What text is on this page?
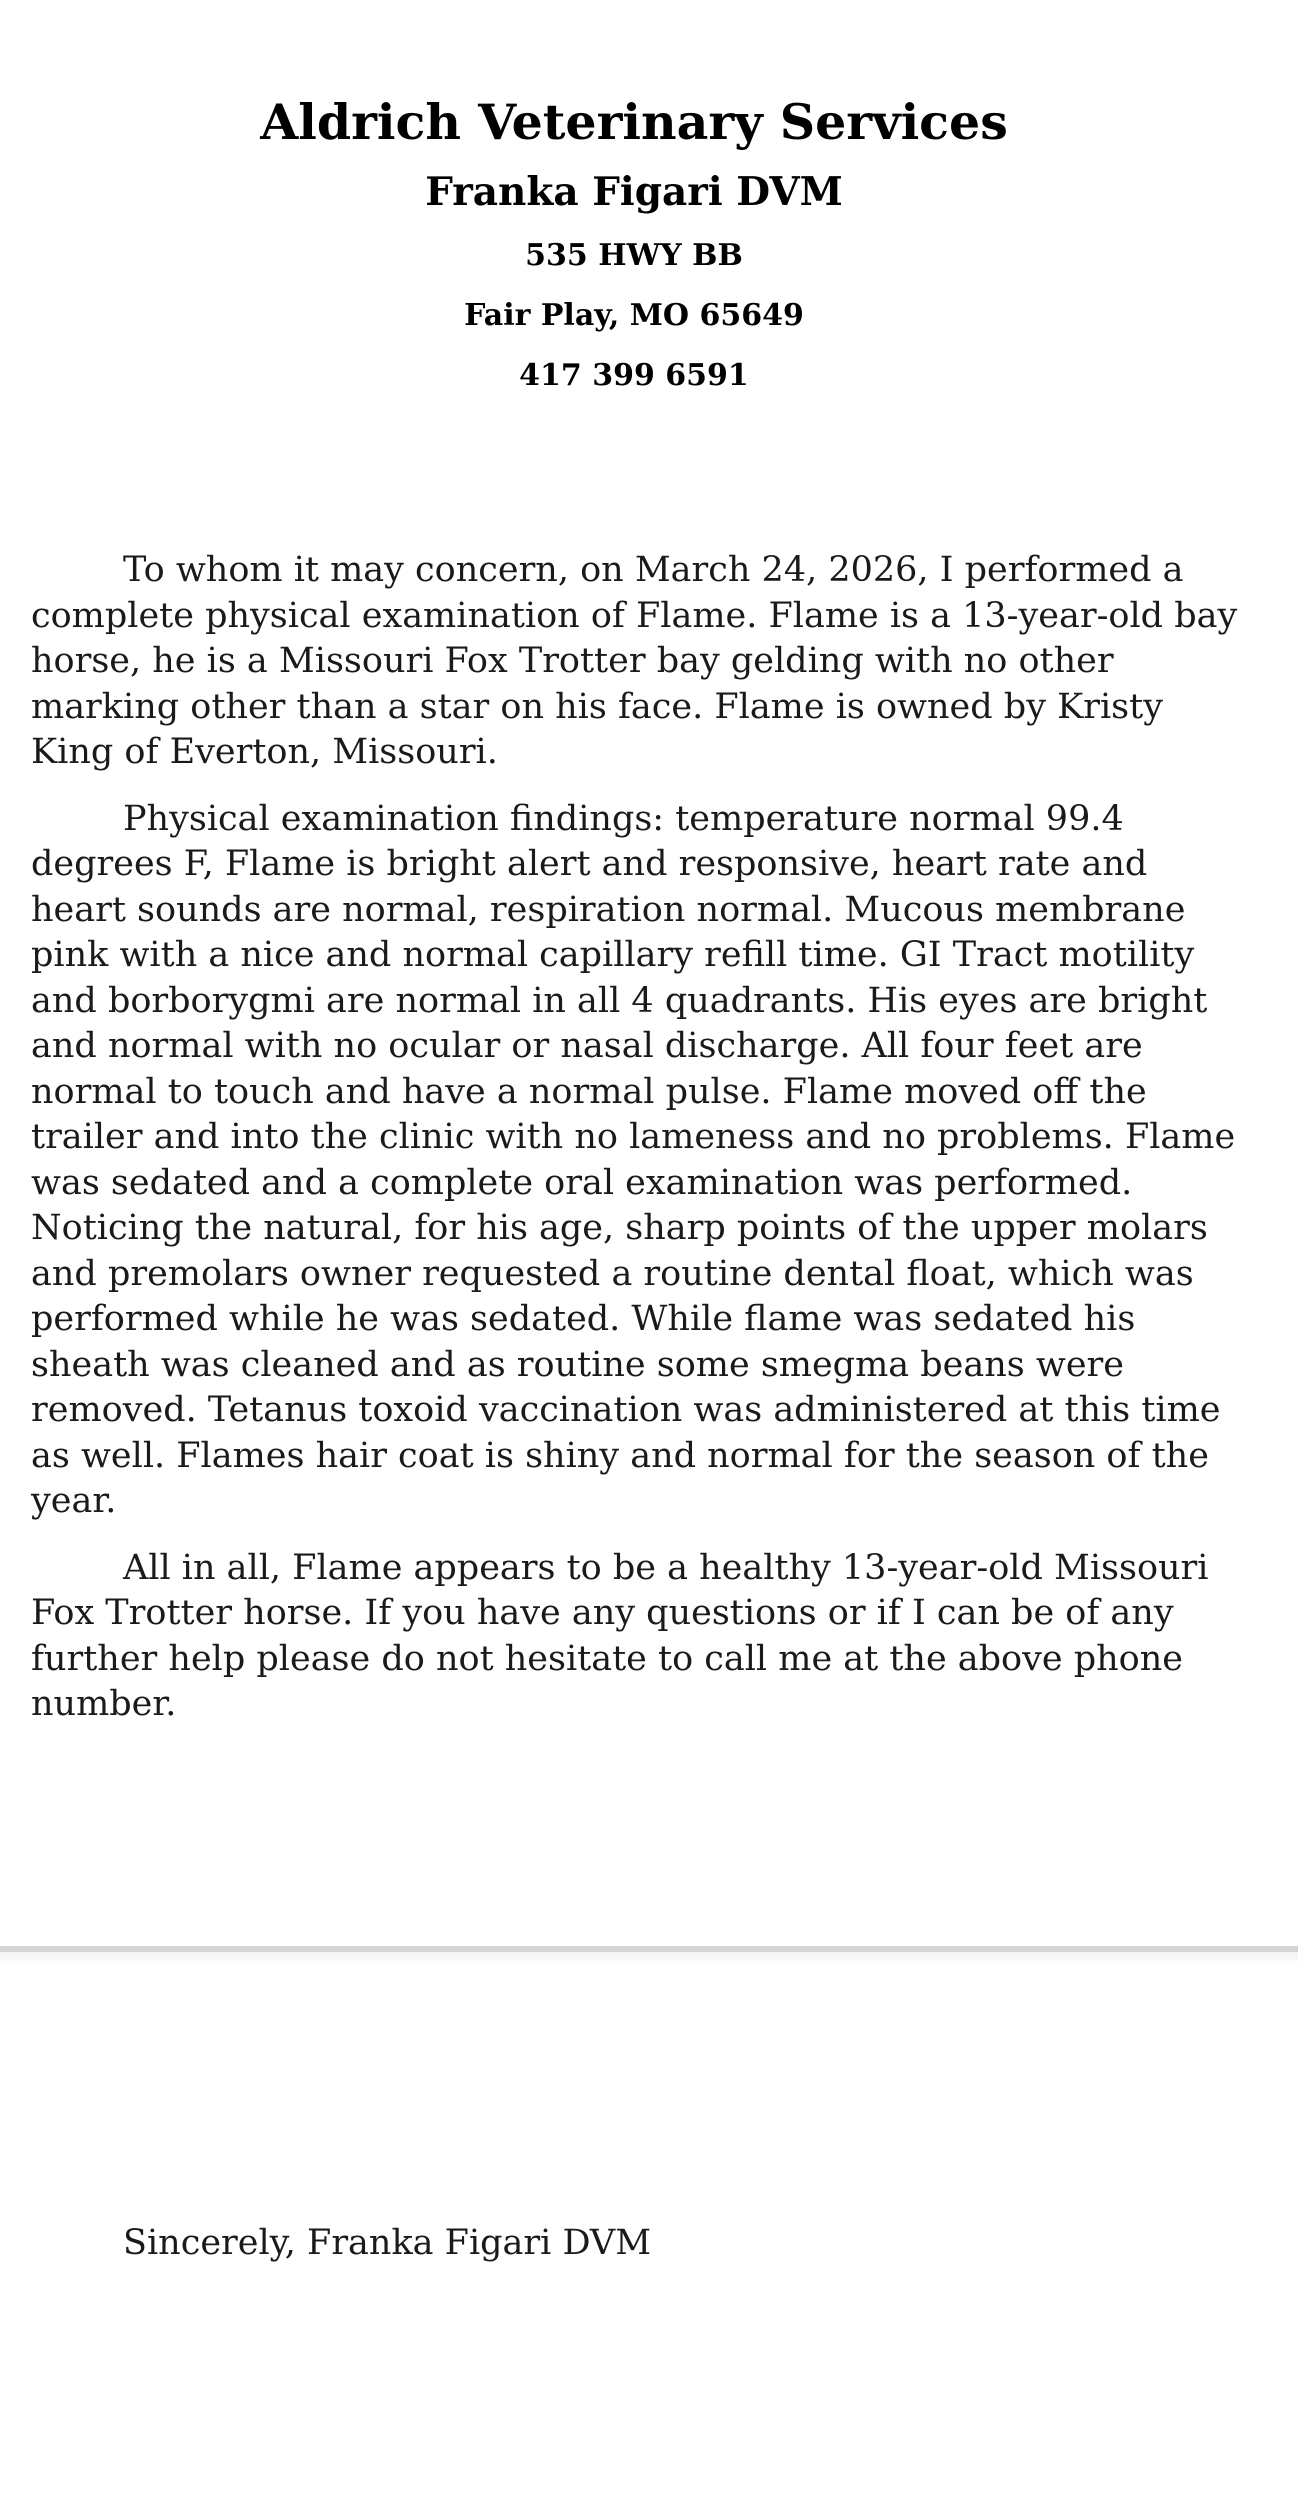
Aldrich Veterinary Services
Franka Figari DVM

535 HWY BB

Fair Play, MO 65649

417 399 6591

To whom it may concern, on March 24, 2026, I performed a complete physical examination of Flame. Flame is a 13-year-old bay horse, he is a Missouri Fox Trotter bay gelding with no other marking other than a star on his face. Flame is owned by Kristy King of Everton, Missouri.

Physical examination findings: temperature normal 99.4 degrees F, Flame is bright alert and responsive, heart rate and heart sounds are normal, respiration normal. Mucous membrane pink with a nice and normal capillary refill time. GI Tract motility and borborygmi are normal in all 4 quadrants. His eyes are bright and normal with no ocular or nasal discharge. All four feet are normal to touch and have a normal pulse. Flame moved off the trailer and into the clinic with no lameness and no problems. Flame was sedated and a complete oral examination was performed. Noticing the natural, for his age, sharp points of the upper molars and premolars owner requested a routine dental float, which was performed while he was sedated. While flame was sedated his sheath was cleaned and as routine some smegma beans were removed. Tetanus toxoid vaccination was administered at this time as well. Flames hair coat is shiny and normal for the season of the year.

All in all, Flame appears to be a healthy 13-year-old Missouri Fox Trotter horse. If you have any questions or if I can be of any further help please do not hesitate to call me at the above phone number.

Sincerely, Franka Figari DVM
